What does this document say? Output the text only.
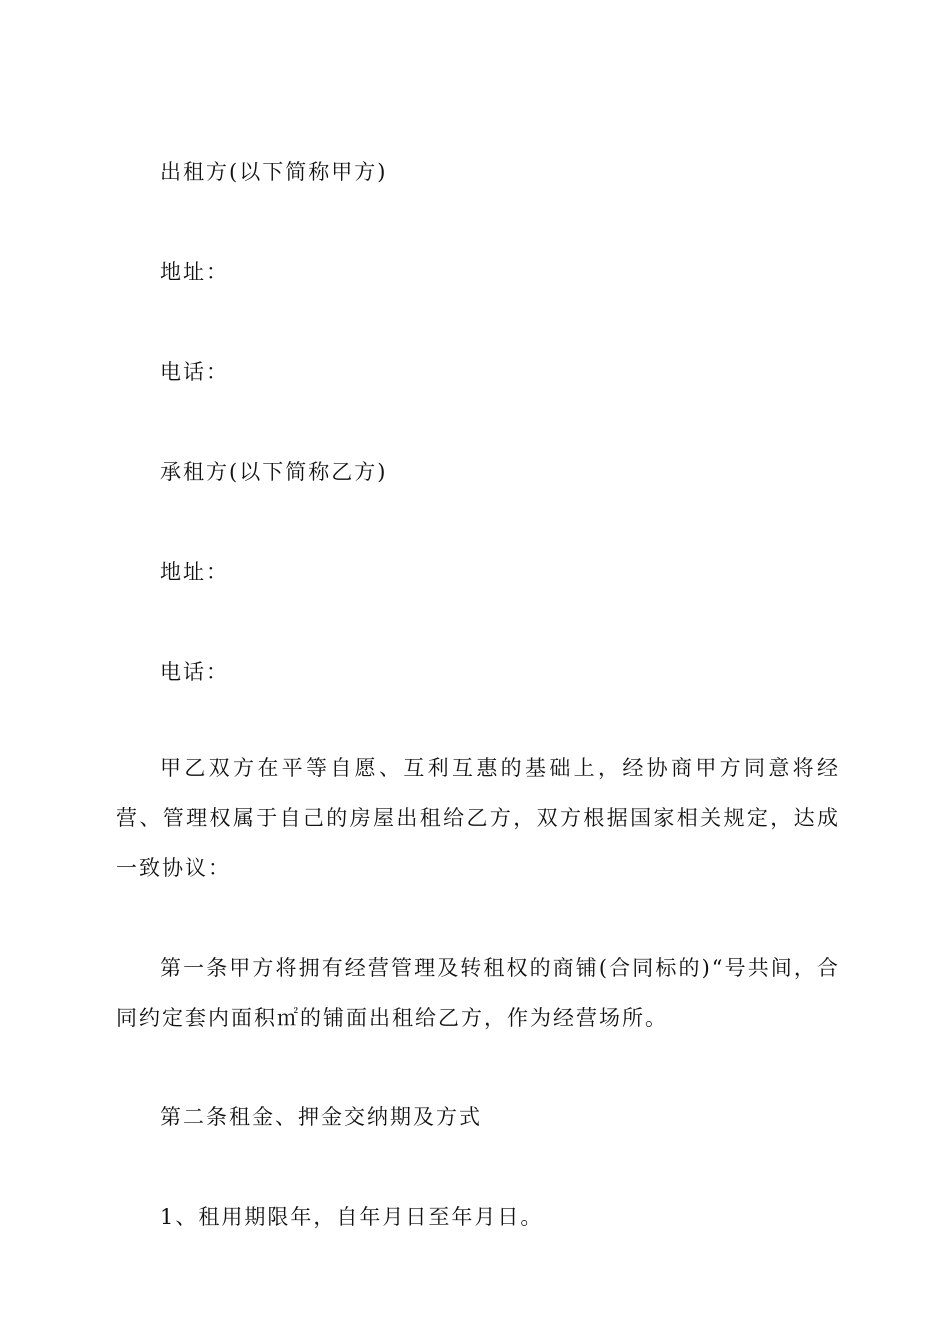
出租方(以下简称甲方)

地址：

电话：

承租方(以下简称乙方)

地址：

电话：

甲乙双方在平等自愿、互利互惠的基础上，经协商甲方同意将经营、管理权属于自己的房屋出租给乙方，双方根据国家相关规定，达成一致协议：

第一条甲方将拥有经营管理及转租权的商铺(合同标的)“号共间，合同约定套内面积㎡的铺面出租给乙方，作为经营场所。

第二条租金、押金交纳期及方式

1、租用期限年，自年月日至年月日。
